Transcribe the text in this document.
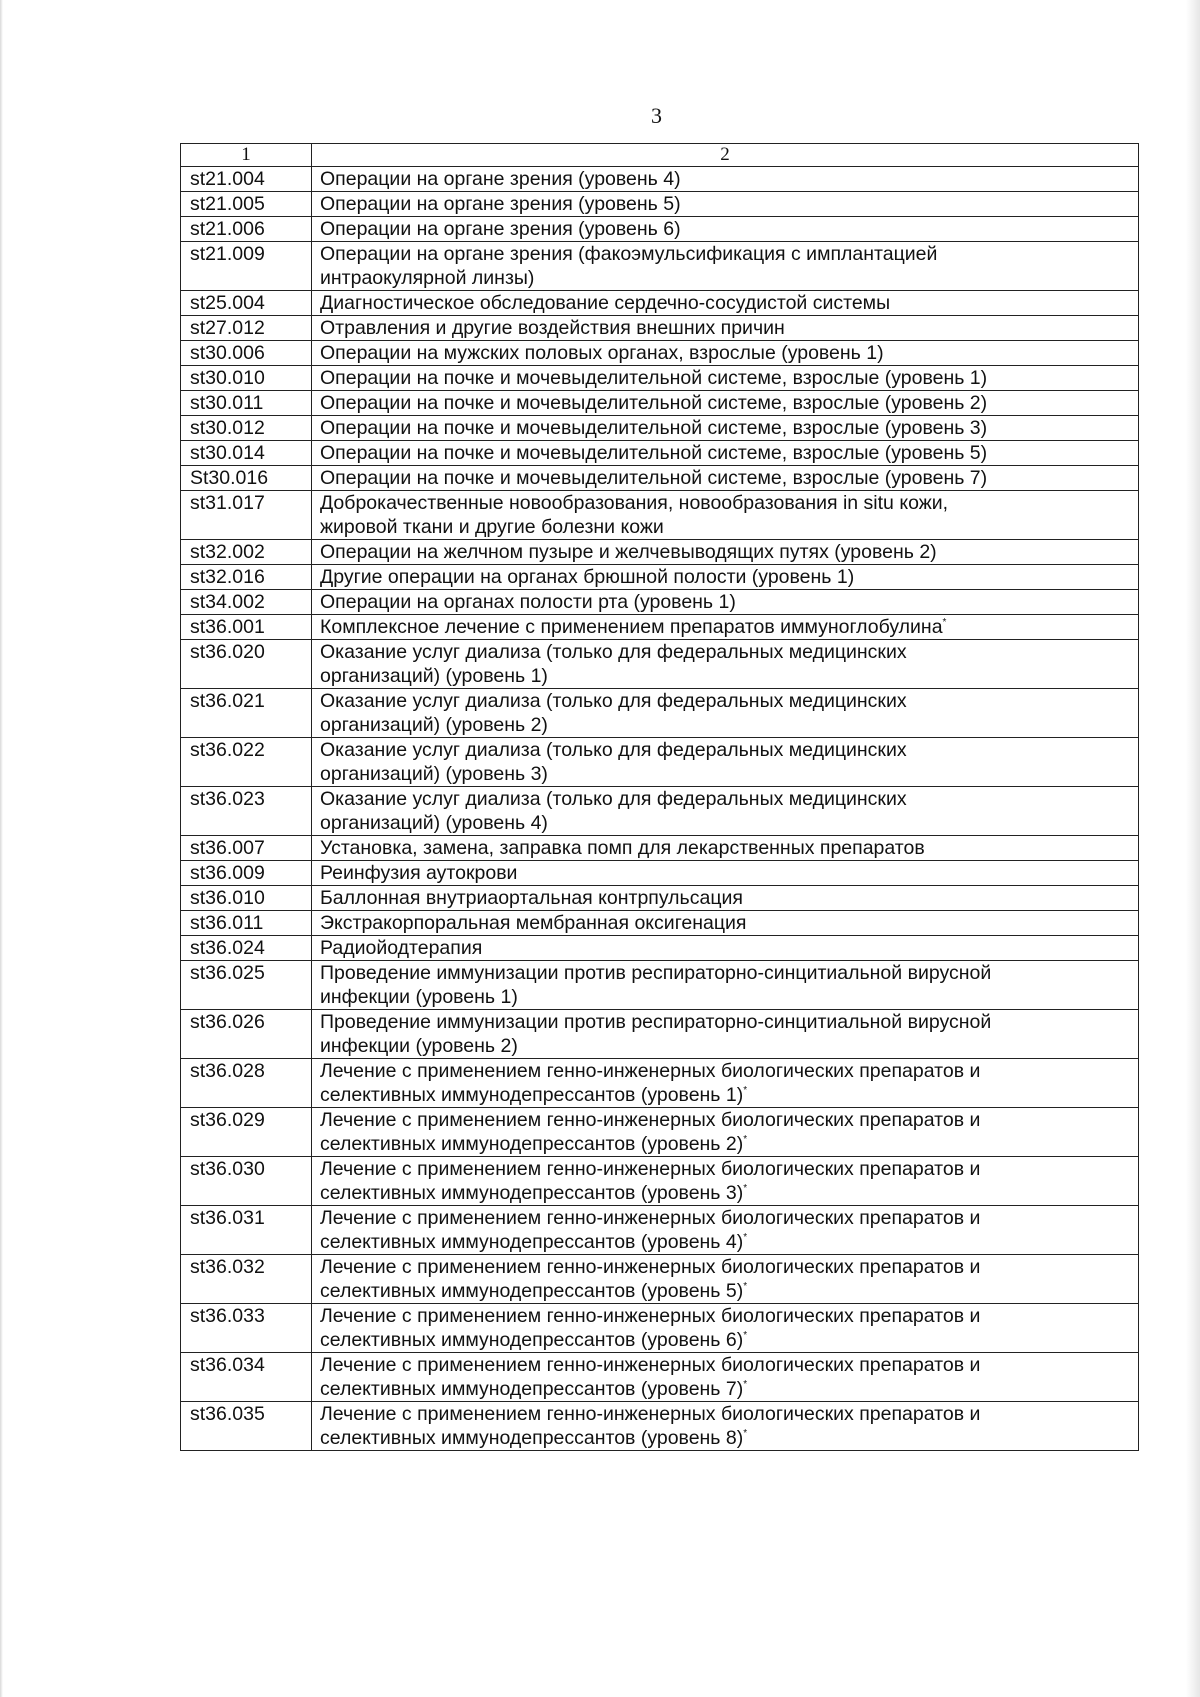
3
1	2
st21.004	Операции на органе зрения (уровень 4)
st21.005	Операции на органе зрения (уровень 5)
st21.006	Операции на органе зрения (уровень 6)
st21.009	Операции на органе зрения (факоэмульсификация с имплантацией
интраокулярной линзы)
st25.004	Диагностическое обследование сердечно-сосудистой системы
st27.012	Отравления и другие воздействия внешних причин
st30.006	Операции на мужских половых органах, взрослые (уровень 1)
st30.010	Операции на почке и мочевыделительной системе, взрослые (уровень 1)
st30.011	Операции на почке и мочевыделительной системе, взрослые (уровень 2)
st30.012	Операции на почке и мочевыделительной системе, взрослые (уровень 3)
st30.014	Операции на почке и мочевыделительной системе, взрослые (уровень 5)
St30.016	Операции на почке и мочевыделительной системе, взрослые (уровень 7)
st31.017	Доброкачественные новообразования, новообразования in situ кожи,
жировой ткани и другие болезни кожи
st32.002	Операции на желчном пузыре и желчевыводящих путях (уровень 2)
st32.016	Другие операции на органах брюшной полости (уровень 1)
st34.002	Операции на органах полости рта (уровень 1)
st36.001	Комплексное лечение с применением препаратов иммуноглобулина*
st36.020	Оказание услуг диализа (только для федеральных медицинских
организаций) (уровень 1)
st36.021	Оказание услуг диализа (только для федеральных медицинских
организаций) (уровень 2)
st36.022	Оказание услуг диализа (только для федеральных медицинских
организаций) (уровень 3)
st36.023	Оказание услуг диализа (только для федеральных медицинских
организаций) (уровень 4)
st36.007	Установка, замена, заправка помп для лекарственных препаратов
st36.009	Реинфузия аутокрови
st36.010	Баллонная внутриаортальная контрпульсация
st36.011	Экстракорпоральная мембранная оксигенация
st36.024	Радиойодтерапия
st36.025	Проведение иммунизации против респираторно-синцитиальной вирусной
инфекции (уровень 1)
st36.026	Проведение иммунизации против респираторно-синцитиальной вирусной
инфекции (уровень 2)
st36.028	Лечение с применением генно-инженерных биологических препаратов и
селективных иммунодепрессантов (уровень 1)*
st36.029	Лечение с применением генно-инженерных биологических препаратов и
селективных иммунодепрессантов (уровень 2)*
st36.030	Лечение с применением генно-инженерных биологических препаратов и
селективных иммунодепрессантов (уровень 3)*
st36.031	Лечение с применением генно-инженерных биологических препаратов и
селективных иммунодепрессантов (уровень 4)*
st36.032	Лечение с применением генно-инженерных биологических препаратов и
селективных иммунодепрессантов (уровень 5)*
st36.033	Лечение с применением генно-инженерных биологических препаратов и
селективных иммунодепрессантов (уровень 6)*
st36.034	Лечение с применением генно-инженерных биологических препаратов и
селективных иммунодепрессантов (уровень 7)*
st36.035	Лечение с применением генно-инженерных биологических препаратов и
селективных иммунодепрессантов (уровень 8)*
